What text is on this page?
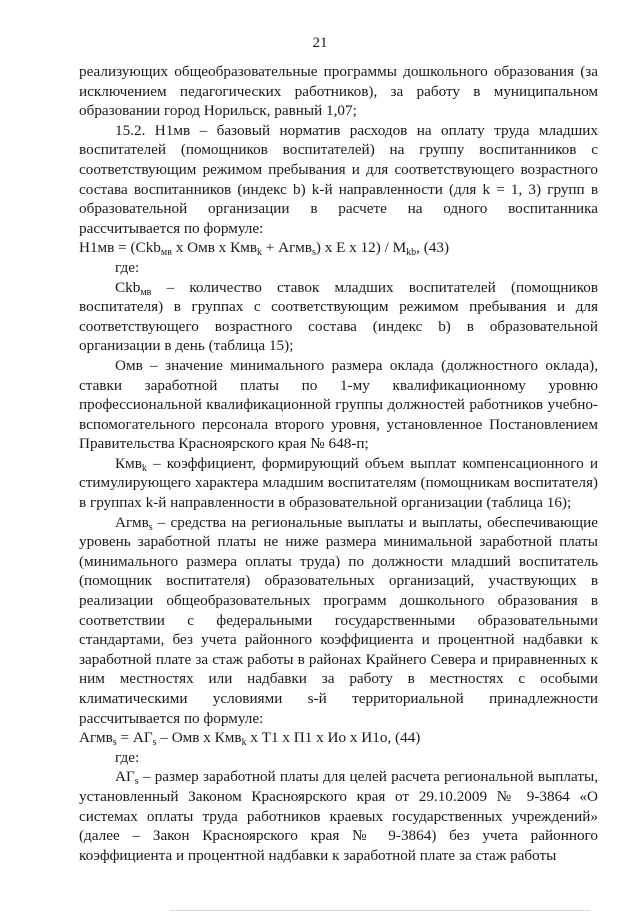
21

реализующих общеобразовательные программы дошкольного образования (за исключением педагогических работников), за работу в муниципальном образовании город Норильск, равный 1,07;

15.2. Н1мв – базовый норматив расходов на оплату труда младших воспитателей (помощников воспитателей) на группу воспитанников с соответствующим режимом пребывания и для соответствующего возрастного состава воспитанников (индекс b) k-й направленности (для k = 1, 3) групп в образовательной организации в расчете на одного воспитанника рассчитывается по формуле:

Н1мв = (Ckb$_{мв}$ x Омв x Кмв$_k$ + Агмв$_s$) x Е x $12) / M_{kb}$, (43)

где:

Ckb$_{мв}$ – количество ставок младших воспитателей (помощников воспитателя) в группах с соответствующим режимом пребывания и для соответствующего возрастного состава (индекс b) в образовательной организации в день (таблица 15);

Омв – значение минимального размера оклада (должностного оклада), ставки заработной платы по 1-му квалификационному уровню профессиональной квалификационной группы должностей работников учебно-вспомогательного персонала второго уровня, установленное Постановлением Правительства Красноярского края № 648-п;

Кмв$_k$ – коэффициент, формирующий объем выплат компенсационного и стимулирующего характера младшим воспитателям (помощникам воспитателя) в группах k-й направленности в образовательной организации (таблица 16);

Агмв$_s$ – средства на региональные выплаты и выплаты, обеспечивающие уровень заработной платы не ниже размера минимальной заработной платы (минимального размера оплаты труда) по должности младший воспитатель (помощник воспитателя) образовательных организаций, участвующих в реализации общеобразовательных программ дошкольного образования в соответствии с федеральными государственными образовательными стандартами, без учета районного коэффициента и процентной надбавки к заработной плате за стаж работы в районах Крайнего Севера и приравненных к ним местностях или надбавки за работу в местностях с особыми климатическими условиями s-й территориальной принадлежности рассчитывается по формуле:

Агмв$_s$ = $АГ_s$ – Омв x Кмв$_k$ x Т1 x П1 x Ио x И1о, (44)

где:

$АГ_s$ – размер заработной платы для целей расчета региональной выплаты, установленный Законом Красноярского края от 29.10.2009 № 9-3864 «О системах оплаты труда работников краевых государственных учреждений» (далее – Закон Красноярского края № 9-3864) без учета районного коэффициента и процентной надбавки к заработной плате за стаж работы
